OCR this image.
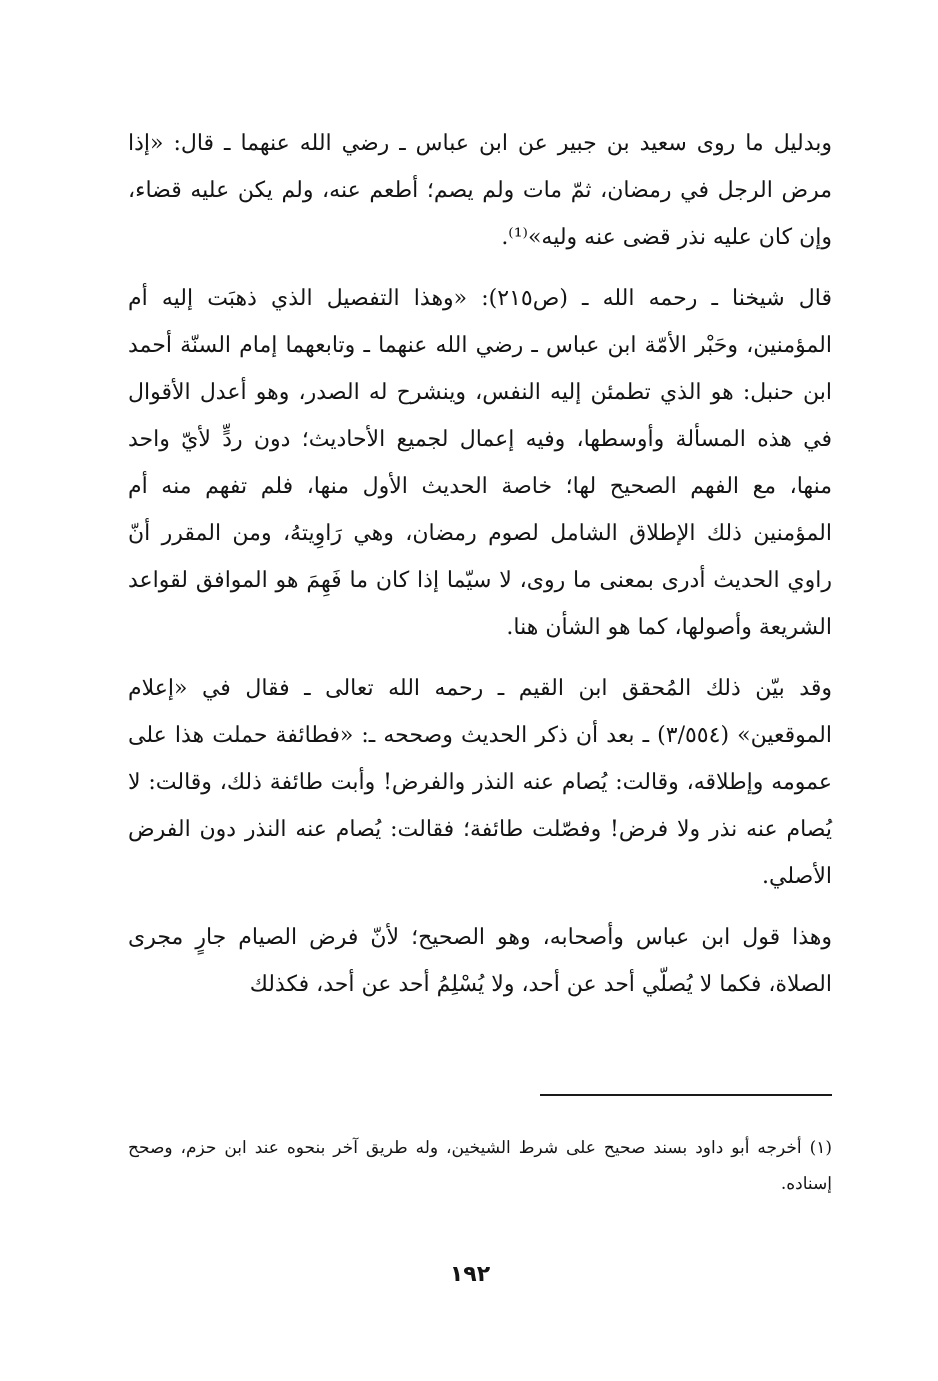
وبدليل ما روى سعيد بن جبير عن ابن عباس ـ رضي الله عنهما ـ قال: «إذا مرض الرجل في رمضان، ثمّ مات ولم يصم؛ أطعم عنه، ولم يكن عليه قضاء، وإن كان عليه نذر قضى عنه وليه»⁽¹⁾.

قال شيخنا ـ رحمه الله ـ (ص٢١٥): «وهذا التفصيل الذي ذهبَت إليه أم المؤمنين، وحَبْر الأمّة ابن عباس ـ رضي الله عنهما ـ وتابعهما إمام السنّة أحمد ابن حنبل: هو الذي تطمئن إليه النفس، وينشرح له الصدر، وهو أعدل الأقوال في هذه المسألة وأوسطها، وفيه إعمال لجميع الأحاديث؛ دون ردٍّ لأيّ واحد منها، مع الفهم الصحيح لها؛ خاصة الحديث الأول منها، فلم تفهم منه أم المؤمنين ذلك الإطلاق الشامل لصوم رمضان، وهي رَاوِيتهُ، ومن المقرر أنّ راوي الحديث أدرى بمعنى ما روى، لا سيّما إذا كان ما فَهِمَ هو الموافق لقواعد الشريعة وأصولها، كما هو الشأن هنا.

وقد بيّن ذلك المُحقق ابن القيم ـ رحمه الله تعالى ـ فقال في «إعلام الموقعين» (٣/٥٥٤) ـ بعد أن ذكر الحديث وصححه ـ: «فطائفة حملت هذا على عمومه وإطلاقه، وقالت: يُصام عنه النذر والفرض! وأبت طائفة ذلك، وقالت: لا يُصام عنه نذر ولا فرض! وفصّلت طائفة؛ فقالت: يُصام عنه النذر دون الفرض الأصلي.

وهذا قول ابن عباس وأصحابه، وهو الصحيح؛ لأنّ فرض الصيام جارٍ مجرى الصلاة، فكما لا يُصلّي أحد عن أحد، ولا يُسْلِمُ أحد عن أحد، فكذلك

(١) أخرجه أبو داود بسند صحيح على شرط الشيخين، وله طريق آخر بنحوه عند ابن حزم، وصحح إسناده.

١٩٢
